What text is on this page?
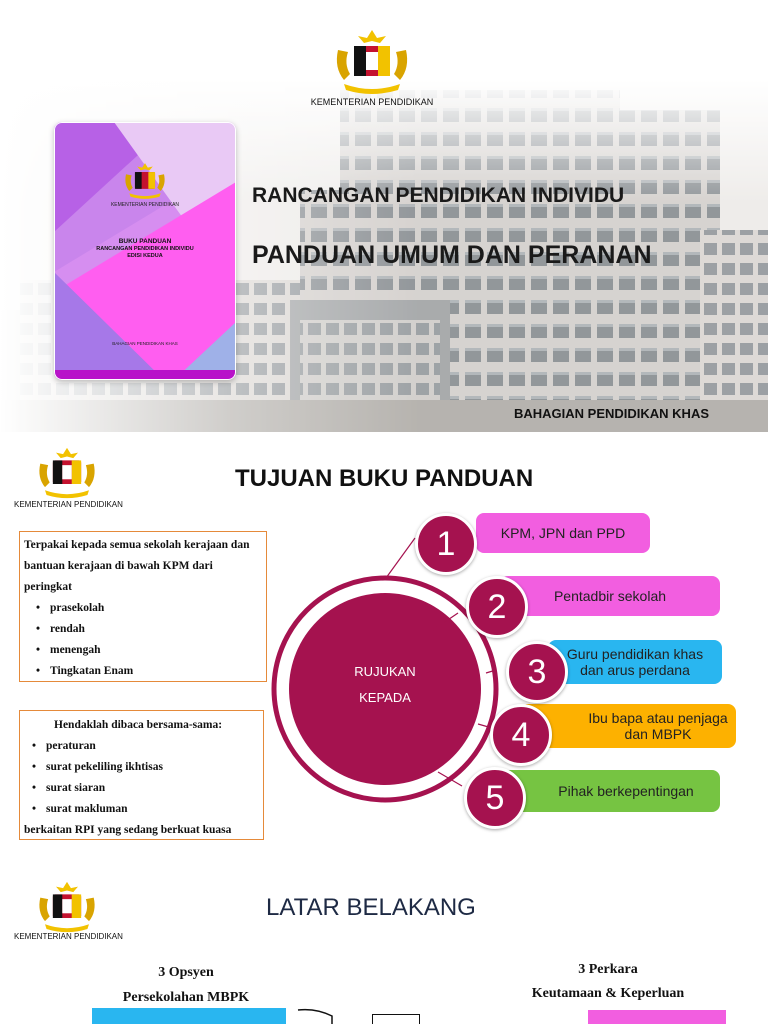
KEMENTERIAN PENDIDIKAN
KEMENTERIAN PENDIDIKAN
BUKU PANDUAN
RANCANGAN PENDIDIKAN INDIVIDU
EDISI KEDUA
BAHAGIAN PENDIDIKAN KHAS
RANCANGAN PENDIDIKAN INDIVIDU
PANDUAN UMUM DAN PERANAN
BAHAGIAN PENDIDIKAN KHAS
KEMENTERIAN PENDIDIKAN
TUJUAN BUKU PANDUAN
Terpakai kepada semua sekolah kerajaan dan
bantuan kerajaan di bawah KPM dari
peringkat
• prasekolah
• rendah
• menengah
• Tingkatan Enam
Hendaklah dibaca bersama-sama:
• peraturan
• surat pekeliling ikhtisas
• surat siaran
• surat makluman
berkaitan RPI yang sedang berkuat kuasa
RUJUKAN
KEPADA
KPM, JPN dan PPD
Pentadbir sekolah
Guru pendidikan khas dan arus perdana
Ibu bapa atau penjaga dan MBPK
Pihak berkepentingan
1
2
3
4
5
KEMENTERIAN PENDIDIKAN
LATAR BELAKANG
3 Opsyen
Persekolahan MBPK
3 Perkara
Keutamaan & Keperluan
